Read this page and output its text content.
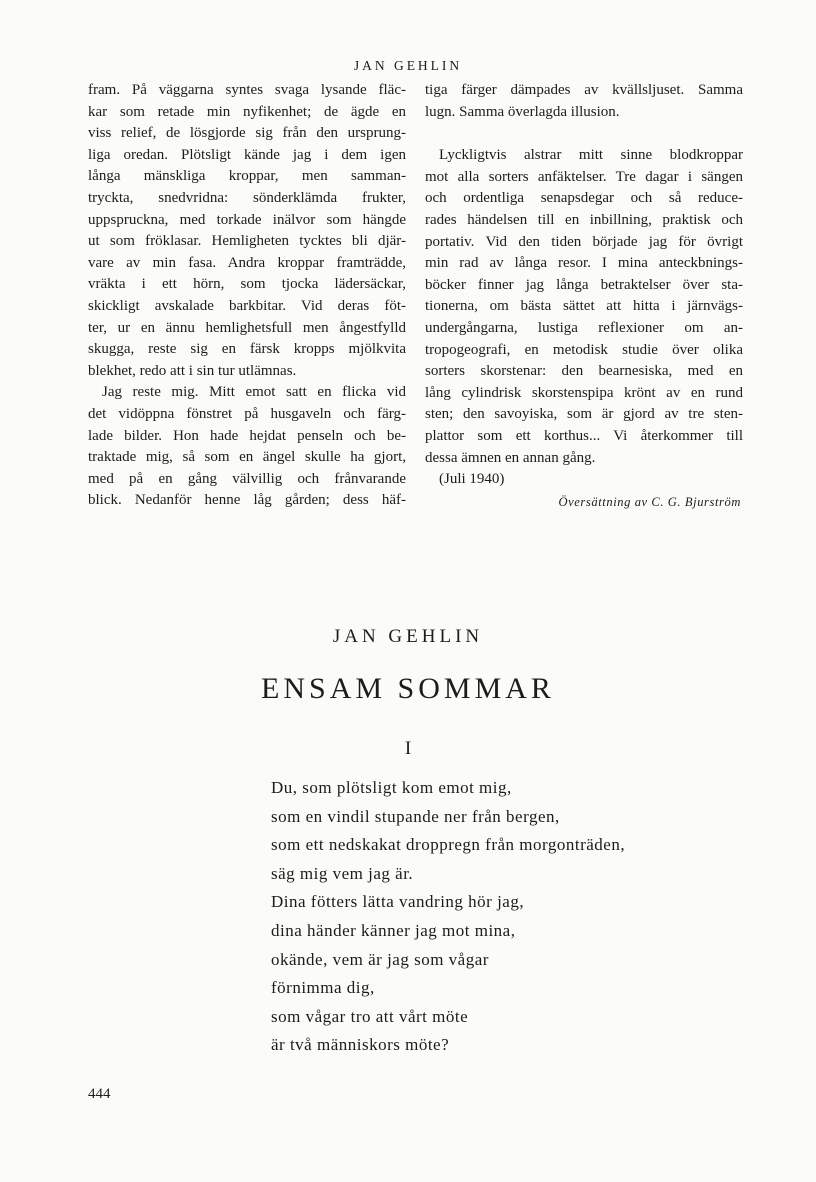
JAN GEHLIN
fram. På väggarna syntes svaga lysande fläc-
kar som retade min nyfikenhet; de ägde en
viss relief, de lösgjorde sig från den ursprung-
liga oredan. Plötsligt kände jag i dem igen
långa mänskliga kroppar, men samman-
tryckta, snedvridna: sönderklämda frukter,
uppspruckna, med torkade inälvor som hängde
ut som fröklasar. Hemligheten tycktes bli djär-
vare av min fasa. Andra kroppar framträdde,
vräkta i ett hörn, som tjocka lädersäckar,
skickligt avskalade barkbitar. Vid deras föt-
ter, ur en ännu hemlighetsfull men ångestfylld
skugga, reste sig en färsk kropps mjölkvita
blekhet, redo att i sin tur utlämnas.
Jag reste mig. Mitt emot satt en flicka vid
det vidöppna fönstret på husgaveln och färg-
lade bilder. Hon hade hejdat penseln och be-
traktade mig, så som en ängel skulle ha gjort,
med på en gång välvillig och frånvarande
blick. Nedanför henne låg gården; dess häf-
tiga färger dämpades av kvällsljuset. Samma
lugn. Samma överlagda illusion.
Lyckligtvis alstrar mitt sinne blodkroppar
mot alla sorters anfäktelser. Tre dagar i sängen
och ordentliga senapsdegar och så reduce-
rades händelsen till en inbillning, praktisk och
portativ. Vid den tiden började jag för övrigt
min rad av långa resor. I mina anteckbnings-
böcker finner jag långa betraktelser över sta-
tionerna, om bästa sättet att hitta i järnvägs-
undergångarna, lustiga reflexioner om an-
tropogeografi, en metodisk studie över olika
sorters skorstenar: den bearnesiska, med en
lång cylindrisk skorstenspipa krönt av en rund
sten; den savoyiska, som är gjord av tre sten-
plattor som ett korthus... Vi återkommer till
dessa ämnen en annan gång.
(Juli 1940)
Översättning av C. G. Bjurström
JAN GEHLIN
ENSAM SOMMAR
I
Du, som plötsligt kom emot mig,
som en vindil stupande ner från bergen,
som ett nedskakat droppregn från morgonträden,
säg mig vem jag är.
Dina fötters lätta vandring hör jag,
dina händer känner jag mot mina,
okände, vem är jag som vågar
förnimma dig,
som vågar tro att vårt möte
är två människors möte?
444
